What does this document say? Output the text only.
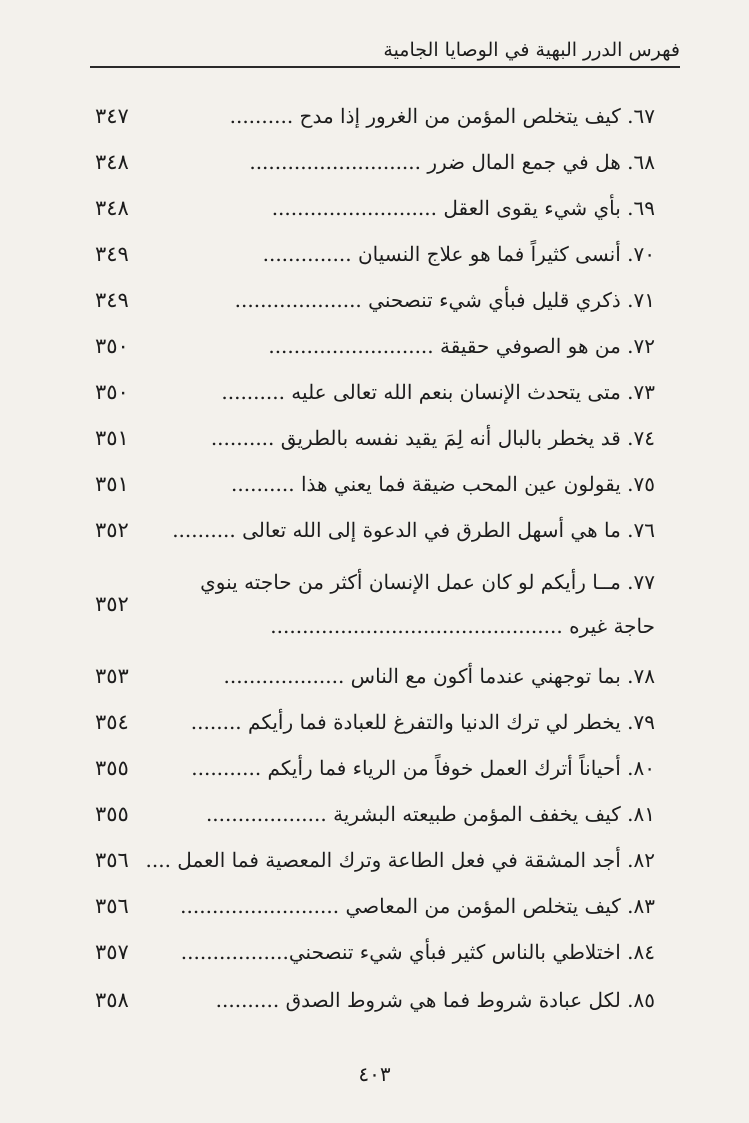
فهرس الدرر البهية في الوصايا الجامية
٦٧. كيف يتخلص المؤمن من الغرور إذا مدح ..........
٣٤٧
٦٨. هل في جمع المال ضرر ...........................
٣٤٨
٦٩. بأي شيء يقوى العقل ..........................
٣٤٨
٧٠. أنسى كثيراً فما هو علاج النسيان ..............
٣٤٩
٧١. ذكري قليل فبأي شيء تنصحني ....................
٣٤٩
٧٢. من هو الصوفي حقيقة ..........................
٣٥٠
٧٣. متى يتحدث الإنسان بنعم الله تعالى عليه ..........
٣٥٠
٧٤. قد يخطر بالبال أنه لِمَ يقيد نفسه بالطريق ..........
٣٥١
٧٥. يقولون عين المحب ضيقة فما يعني هذا ..........
٣٥١
٧٦. ما هي أسهل الطرق في الدعوة إلى الله تعالى ..........
٣٥٢
٧٧. مــا رأيكم لو كان عمل الإنسان أكثر من حاجته ينوي
حاجة غيره ..............................................
٣٥٢
٧٨. بما توجهني عندما أكون مع الناس ...................
٣٥٣
٧٩. يخطر لي ترك الدنيا والتفرغ للعبادة فما رأيكم ........
٣٥٤
٨٠. أحياناً أترك العمل خوفاً من الرياء فما رأيكم ...........
٣٥٥
٨١. كيف يخفف المؤمن طبيعته البشرية ...................
٣٥٥
٨٢. أجد المشقة في فعل الطاعة وترك المعصية فما العمل ....
٣٥٦
٨٣. كيف يتخلص المؤمن من المعاصي .........................
٣٥٦
٨٤. اختلاطي بالناس كثير فبأي شيء تنصحني.................
٣٥٧
٨٥. لكل عبادة شروط فما هي شروط الصدق ..........
٣٥٨
٤٠٣
